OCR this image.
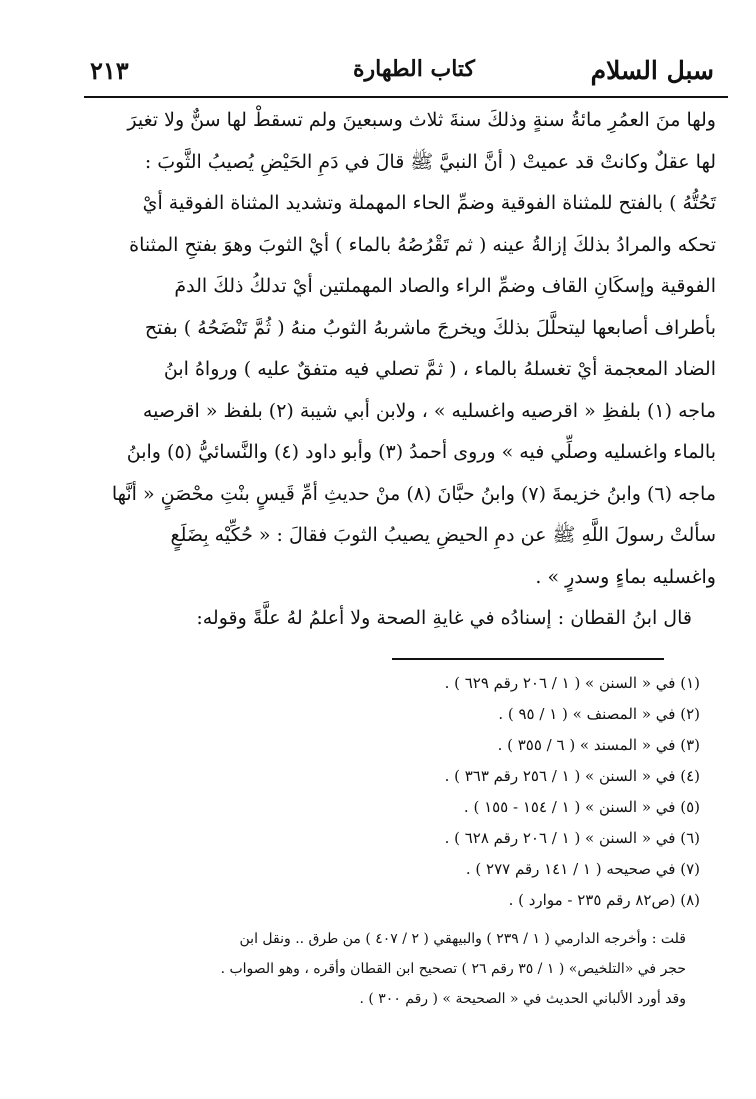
سبل السلام
كتاب الطهارة
٢١٣

ولها منَ العمُرِ مائةُ سنةٍ وذلكَ سنةَ ثلاث وسبعينَ ولم تسقطْ لها سنٌّ ولا تغيرَ

لها عقلٌ وكانتْ قد عميتْ ( أنَّ النبيَّ ﷺ قالَ في دَمِ الحَيْضِ يُصيبُ الثَّوبَ :

تَحُتُّهُ ) بالفتح للمثناة الفوقية وضمِّ الحاء المهملة وتشديد المثناة الفوقية أيْ

تحكه والمرادُ بذلكَ إزالةُ عينه ( ثم تَقْرُصُهُ بالماء ) أيْ الثوبَ وهوَ بفتحِ المثناة

الفوقية وإسكَانِ القاف وضمِّ الراء والصاد المهملتين أيْ تدلكُ ذلكَ الدمَ

بأطراف أصابعها ليتحلَّلَ بذلكَ ويخرجَ ماشربهُ الثوبُ منهُ ( ثُمَّ تَنْضَحُهُ ) بفتح

الضاد المعجمة أيْ تغسلهُ بالماء ، ( ثمَّ تصلي فيه متفقٌ عليه ) ورواهُ ابنُ

ماجه (١) بلفظِ « اقرصيه واغسليه » ، ولابن أبي شيبة (٢) بلفظ « اقرصيه

بالماء واغسليه وصلِّي فيه » وروى أحمدُ (٣) وأبو داود (٤) والنَّسائيُّ (٥) وابنُ

ماجه (٦) وابنُ خزيمةَ (٧) وابنُ حبَّانَ (٨) منْ حديثِ أمِّ قَيسٍ بنْتِ محْصَنٍ « أنَّها

سألتْ رسولَ اللَّهِ ﷺ عن دمِ الحيضِ يصيبُ الثوبَ فقالَ : « حُكِّيْه بِضَلَعٍ

واغسليه بماءٍ وسدرٍ » .

قال ابنُ القطان : إسنادُه في غايةِ الصحة ولا أعلمُ لهُ علَّةً وقوله:

(١) في « السنن » ( ١ / ٢٠٦ رقم ٦٢٩ ) .
(٢) في « المصنف » ( ١ / ٩٥ ) .
(٣) في « المسند » ( ٦ / ٣٥٥ ) .
(٤) في « السنن » ( ١ / ٢٥٦ رقم ٣٦٣ ) .
(٥) في « السنن » ( ١ / ١٥٤ - ١٥٥ ) .
(٦) في « السنن » ( ١ / ٢٠٦ رقم ٦٢٨ ) .
(٧) في صحيحه ( ١ / ١٤١ رقم ٢٧٧ ) .
(٨) (ص٨٢ رقم ٢٣٥ - موارد ) .
قلت : وأخرجه الدارمي ( ١ / ٢٣٩ ) والبيهقي ( ٢ / ٤٠٧ ) من طرق .. ونقل ابن
حجر في «التلخيص» ( ١ / ٣٥ رقم ٢٦ ) تصحيح ابن القطان وأقره ، وهو الصواب .
وقد أورد الألباني الحديث في « الصحيحة » ( رقم ٣٠٠ ) .
